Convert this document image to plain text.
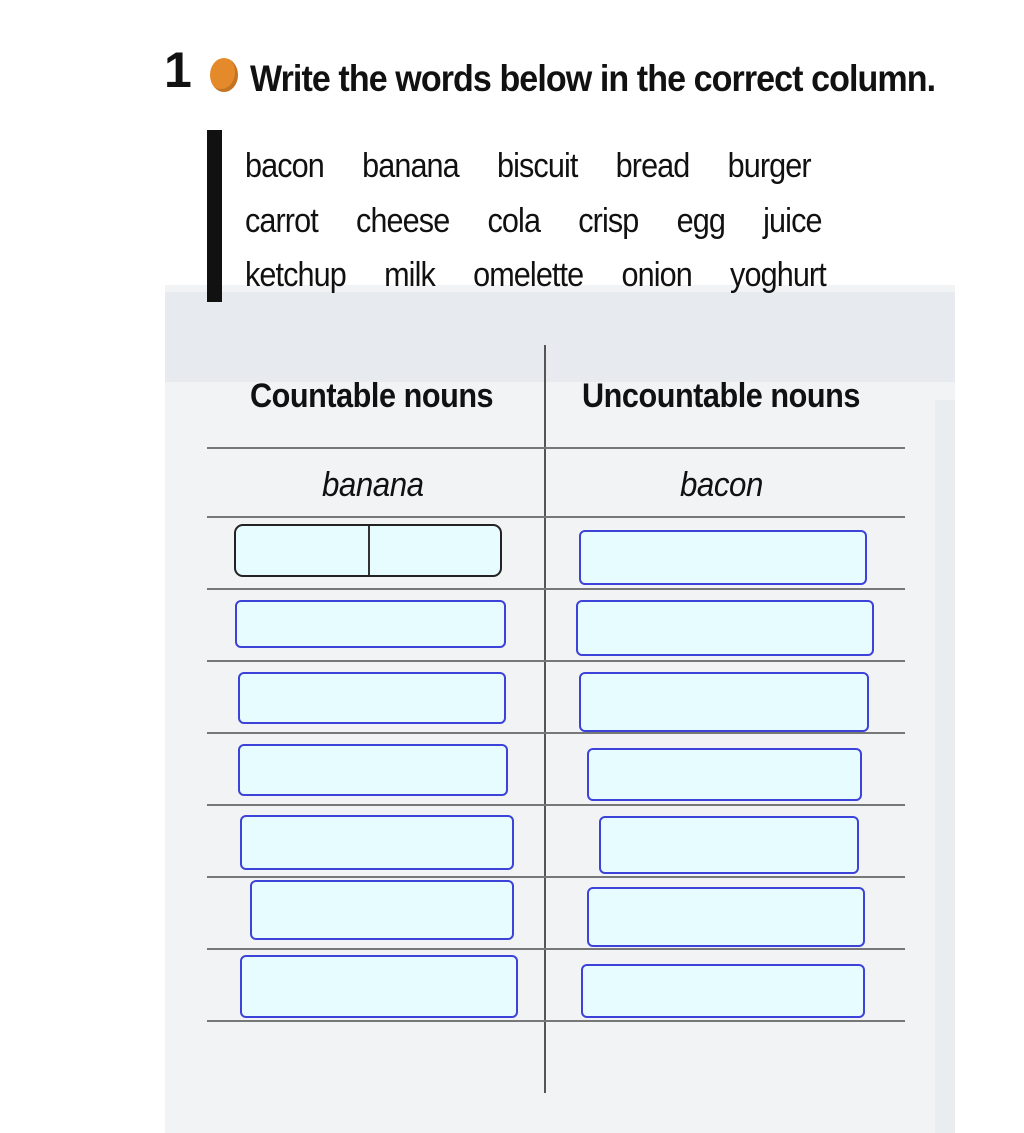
1 Write the words below in the correct column.
bacon banana biscuit bread burger
carrot cheese cola crisp egg juice
ketchup milk omelette onion yoghurt
Countable nouns	Uncountable nouns
banana	bacon
